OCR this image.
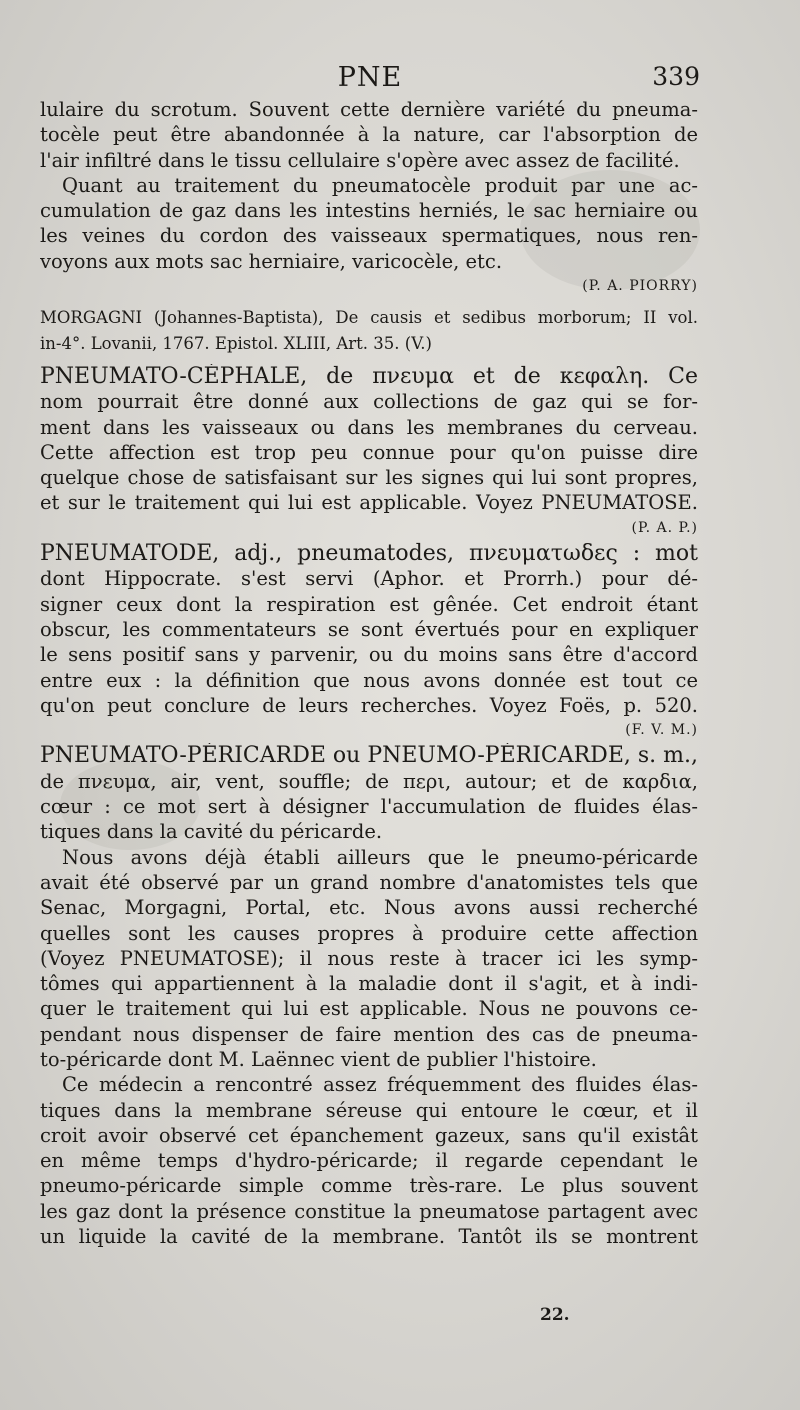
PNE	339
lulaire du scrotum. Souvent cette dernière variété du pneuma-
tocèle peut être abandonnée à la nature, car l'absorption de
l'air infiltré dans le tissu cellulaire s'opère avec assez de facilité.
Quant au traitement du pneumatocèle produit par une ac-
cumulation de gaz dans les intestins herniés, le sac herniaire ou
les veines du cordon des vaisseaux spermatiques, nous ren-
voyons aux mots sac herniaire, varicocèle, etc.
(P. A. PIORRY)
MORGAGNI (Johannes-Baptista), De causis et sedibus morborum; II vol.
in-4°. Lovanii, 1767. Epistol. XLIII, Art. 35. (V.)
PNEUMATO-CÉPHALE, de πνευμα et de κεφαλη. Ce
nom pourrait être donné aux collections de gaz qui se for-
ment dans les vaisseaux ou dans les membranes du cerveau.
Cette affection est trop peu connue pour qu'on puisse dire
quelque chose de satisfaisant sur les signes qui lui sont propres,
et sur le traitement qui lui est applicable. Voyez PNEUMATOSE.
(P. A. P.)
PNEUMATODE, adj., pneumatodes, πνευματωδες : mot
dont Hippocrate. s'est servi (Aphor. et Prorrh.) pour dé-
signer ceux dont la respiration est gênée. Cet endroit étant
obscur, les commentateurs se sont évertués pour en expliquer
le sens positif sans y parvenir, ou du moins sans être d'accord
entre eux : la définition que nous avons donnée est tout ce
qu'on peut conclure de leurs recherches. Voyez Foës, p. 520.
(F. V. M.)
PNEUMATO-PÉRICARDE ou PNEUMO-PÉRICARDE, s. m.,
de πνευμα, air, vent, souffle; de περι, autour; et de καρδια,
cœur : ce mot sert à désigner l'accumulation de fluides élas-
tiques dans la cavité du péricarde.
Nous avons déjà établi ailleurs que le pneumo-péricarde
avait été observé par un grand nombre d'anatomistes tels que
Senac, Morgagni, Portal, etc. Nous avons aussi recherché
quelles sont les causes propres à produire cette affection
(Voyez PNEUMATOSE); il nous reste à tracer ici les symp-
tômes qui appartiennent à la maladie dont il s'agit, et à indi-
quer le traitement qui lui est applicable. Nous ne pouvons ce-
pendant nous dispenser de faire mention des cas de pneuma-
to-péricarde dont M. Laënnec vient de publier l'histoire.
Ce médecin a rencontré assez fréquemment des fluides élas-
tiques dans la membrane séreuse qui entoure le cœur, et il
croit avoir observé cet épanchement gazeux, sans qu'il existât
en même temps d'hydro-péricarde; il regarde cependant le
pneumo-péricarde simple comme très-rare. Le plus souvent
les gaz dont la présence constitue la pneumatose partagent avec
un liquide la cavité de la membrane. Tantôt ils se montrent
22.
